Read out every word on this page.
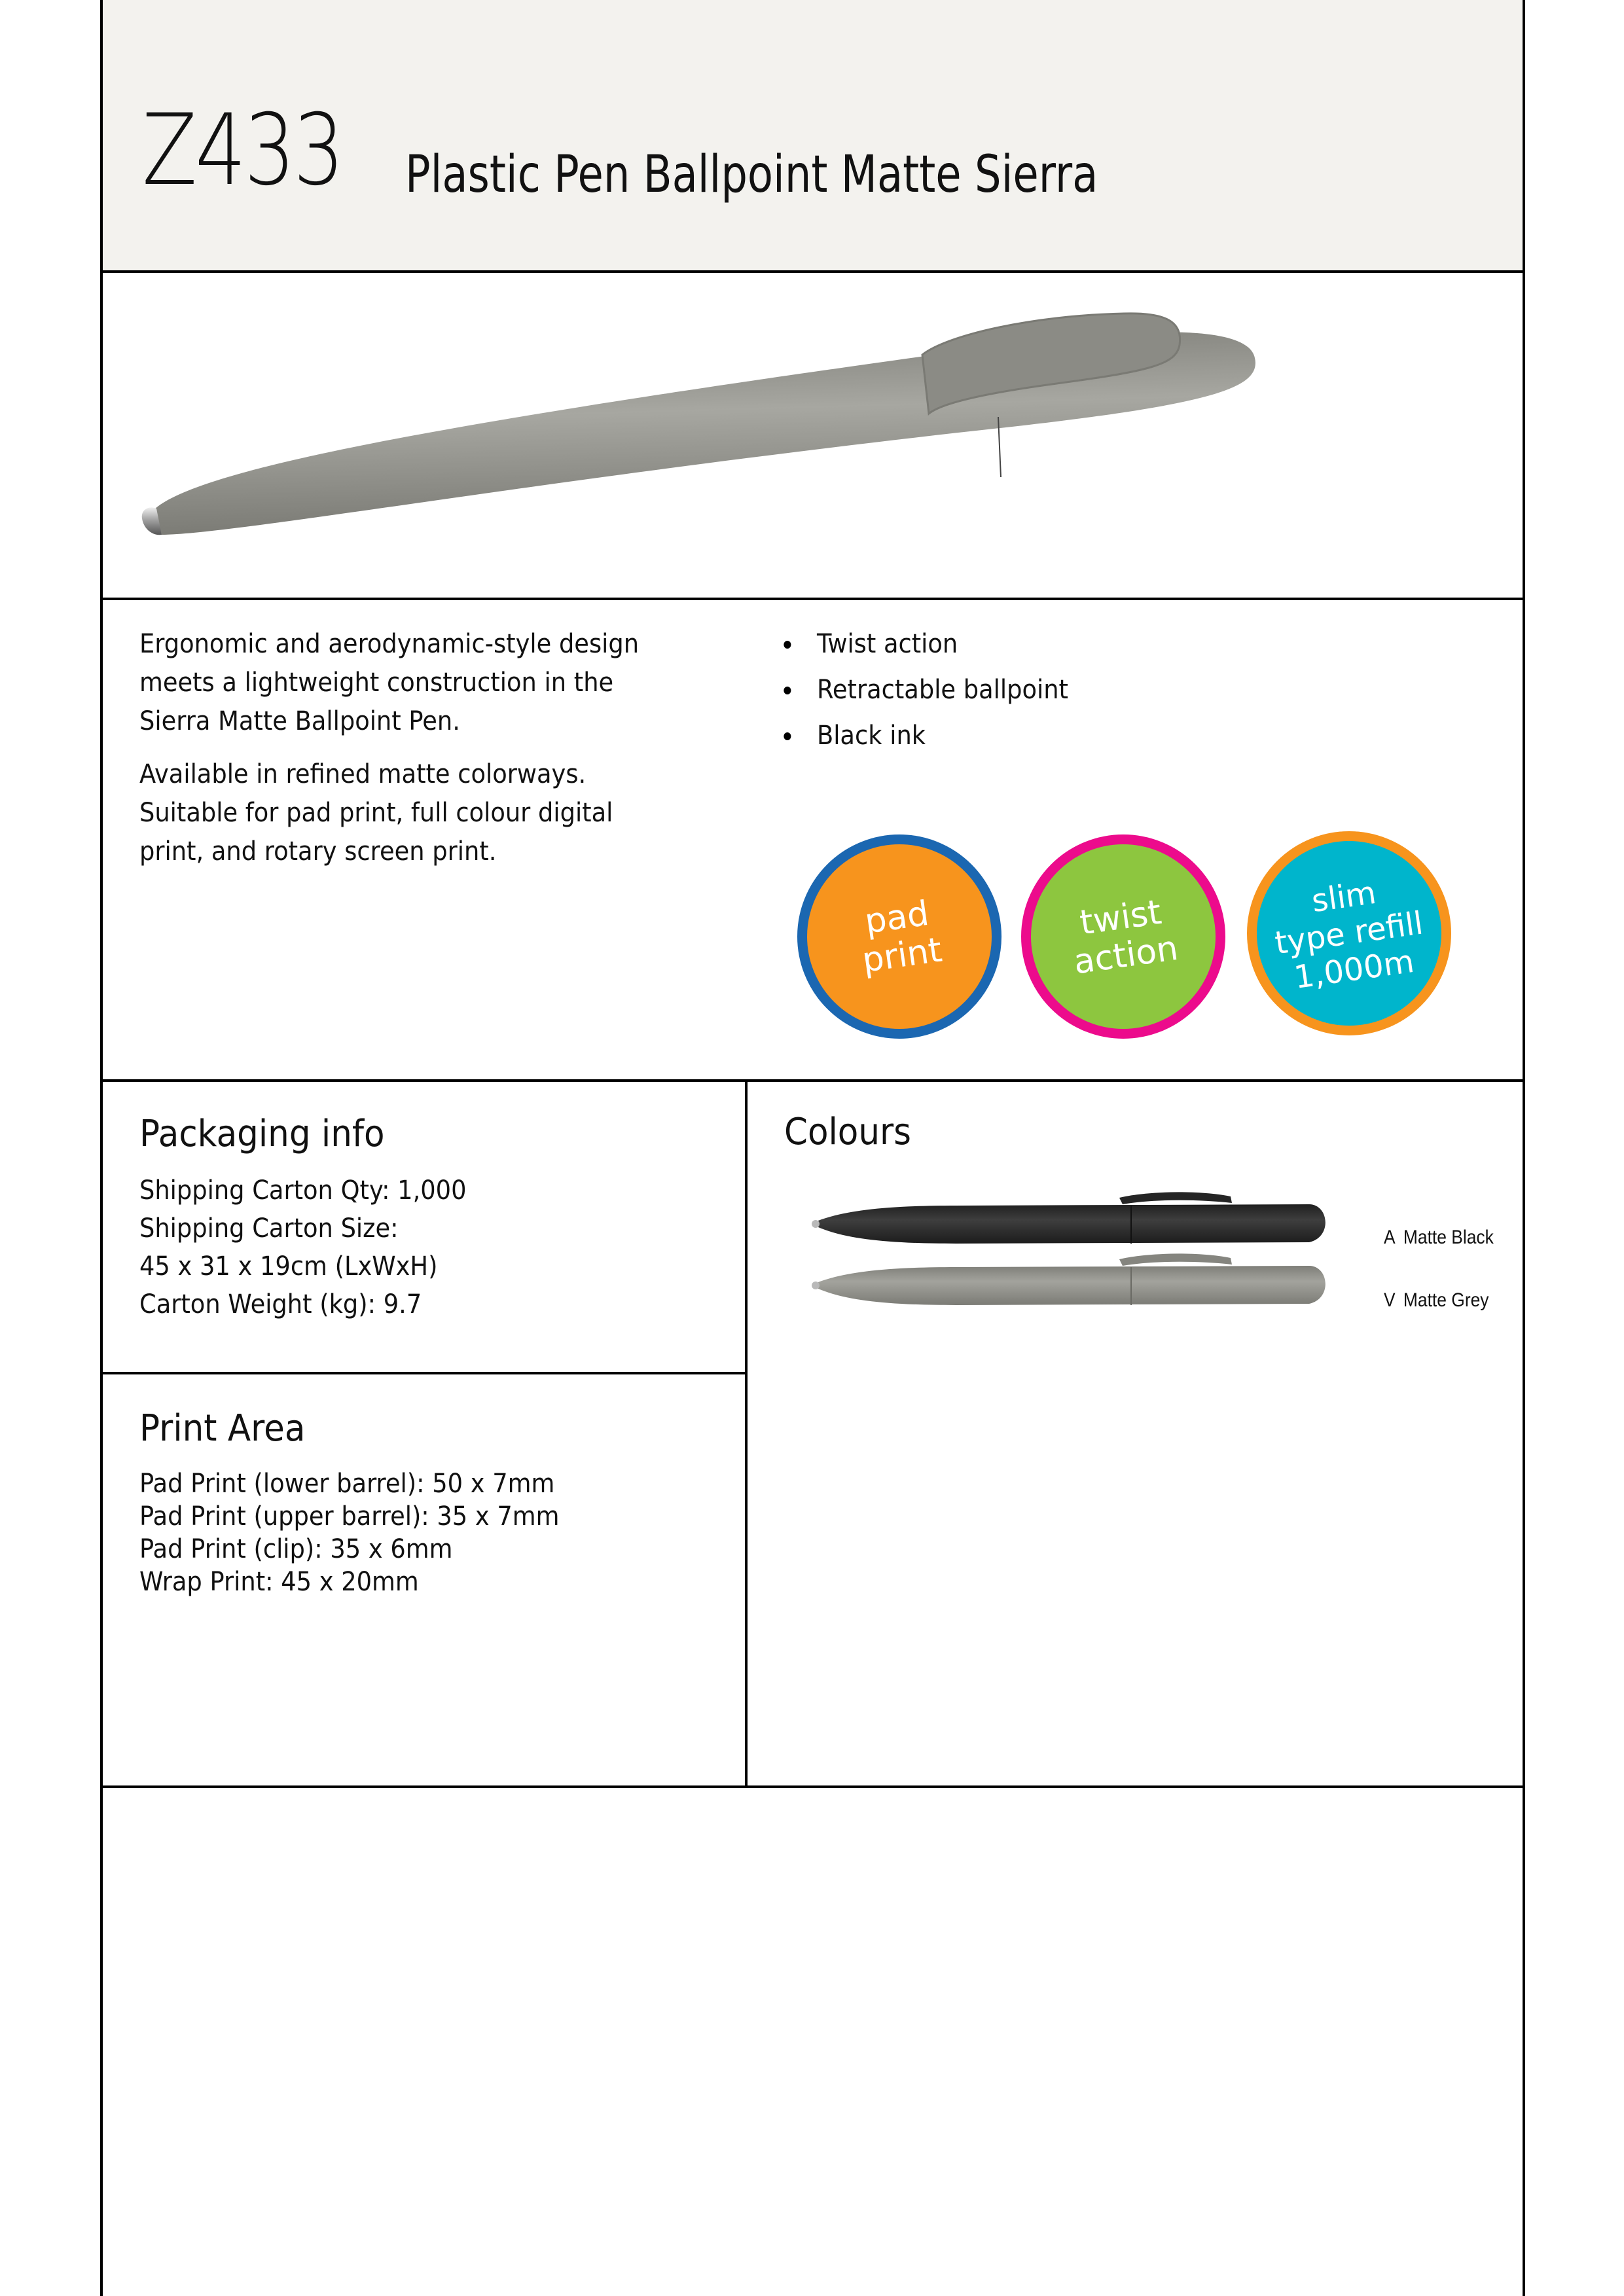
Z433 Plastic Pen Ballpoint Matte Sierra

Ergonomic and aerodynamic-style design meets a lightweight construction in the Sierra Matte Ballpoint Pen.

Available in refined matte colorways. Suitable for pad print, full colour digital print, and rotary screen print.

Twist action
Retractable ballpoint
Black ink
pad
print
twist
action
slim
type refill
1,000m
Packaging info
Shipping Carton Qty: 1,000
Shipping Carton Size:
45 x 31 x 19cm (LxWxH)
Carton Weight (kg): 9.7
Print Area
Pad Print (lower barrel): 50 x 7mm
Pad Print (upper barrel): 35 x 7mm
Pad Print (clip): 35 x 6mm
Wrap Print: 45 x 20mm
Colours
A Matte Black
V Matte Grey
